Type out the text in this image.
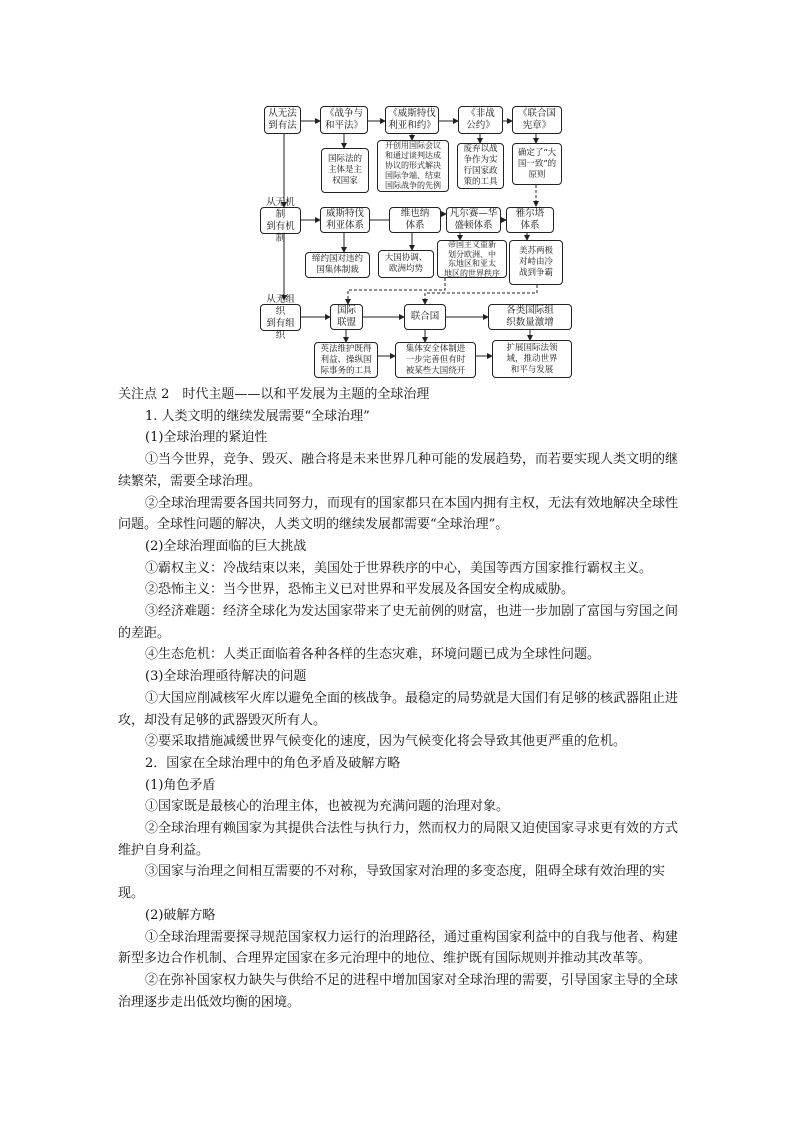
从无法
到有法
《战争与
和平法》
《威斯特伐
利亚和约》
《非战
公约》
《联合国
宪章》
国际法的
主体是主
权国家
开创用国际会议
和通过谈判达成
协议的形式解决
国际争端、结束
国际战争的先例
废弃以战
争作为实
行国家政
策的工具
确定了“大
国一致”的
原则
从无机制
到有机制
威斯特伐
利亚体系
维也纳
体系
凡尔赛—华
盛顿体系
雅尔塔
体系
缔约国对违约
国集体制裁
大国协调、
欧洲均势
帝国主义重新
划分欧洲、中
东地区和亚太
地区的世界秩序
美苏两极
对峙由冷
战到争霸
从无组织
到有组织
国际
联盟
联合国
各类国际组
织数量激增
英法维护既得
利益、操纵国
际事务的工具
集体安全体制进
一步完善但有时
被某些大国绕开
扩展国际法领
域，推动世界
和平与发展

关注点 2　时代主题——以和平发展为主题的全球治理

1. 人类文明的继续发展需要“全球治理”

(1)全球治理的紧迫性

①当今世界，竞争、毁灭、融合将是未来世界几种可能的发展趋势，而若要实现人类文明的继续繁荣，需要全球治理。

②全球治理需要各国共同努力，而现有的国家都只在本国内拥有主权，无法有效地解决全球性问题。全球性问题的解决，人类文明的继续发展都需要“全球治理”。

(2)全球治理面临的巨大挑战

①霸权主义：冷战结束以来，美国处于世界秩序的中心，美国等西方国家推行霸权主义。

②恐怖主义：当今世界，恐怖主义已对世界和平发展及各国安全构成威胁。

③经济难题：经济全球化为发达国家带来了史无前例的财富，也进一步加剧了富国与穷国之间的差距。

④生态危机：人类正面临着各种各样的生态灾难，环境问题已成为全球性问题。

(3)全球治理亟待解决的问题

①大国应削减核军火库以避免全面的核战争。最稳定的局势就是大国们有足够的核武器阻止进攻，却没有足够的武器毁灭所有人。

②要采取措施减缓世界气候变化的速度，因为气候变化将会导致其他更严重的危机。

2．国家在全球治理中的角色矛盾及破解方略

(1)角色矛盾

①国家既是最核心的治理主体，也被视为充满问题的治理对象。

②全球治理有赖国家为其提供合法性与执行力，然而权力的局限又迫使国家寻求更有效的方式维护自身利益。

③国家与治理之间相互需要的不对称，导致国家对治理的多变态度，阻碍全球有效治理的实现。

(2)破解方略

①全球治理需要探寻规范国家权力运行的治理路径，通过重构国家利益中的自我与他者、构建新型多边合作机制、合理界定国家在多元治理中的地位、维护既有国际规则并推动其改革等。

②在弥补国家权力缺失与供给不足的进程中增加国家对全球治理的需要，引导国家主导的全球治理逐步走出低效均衡的困境。
